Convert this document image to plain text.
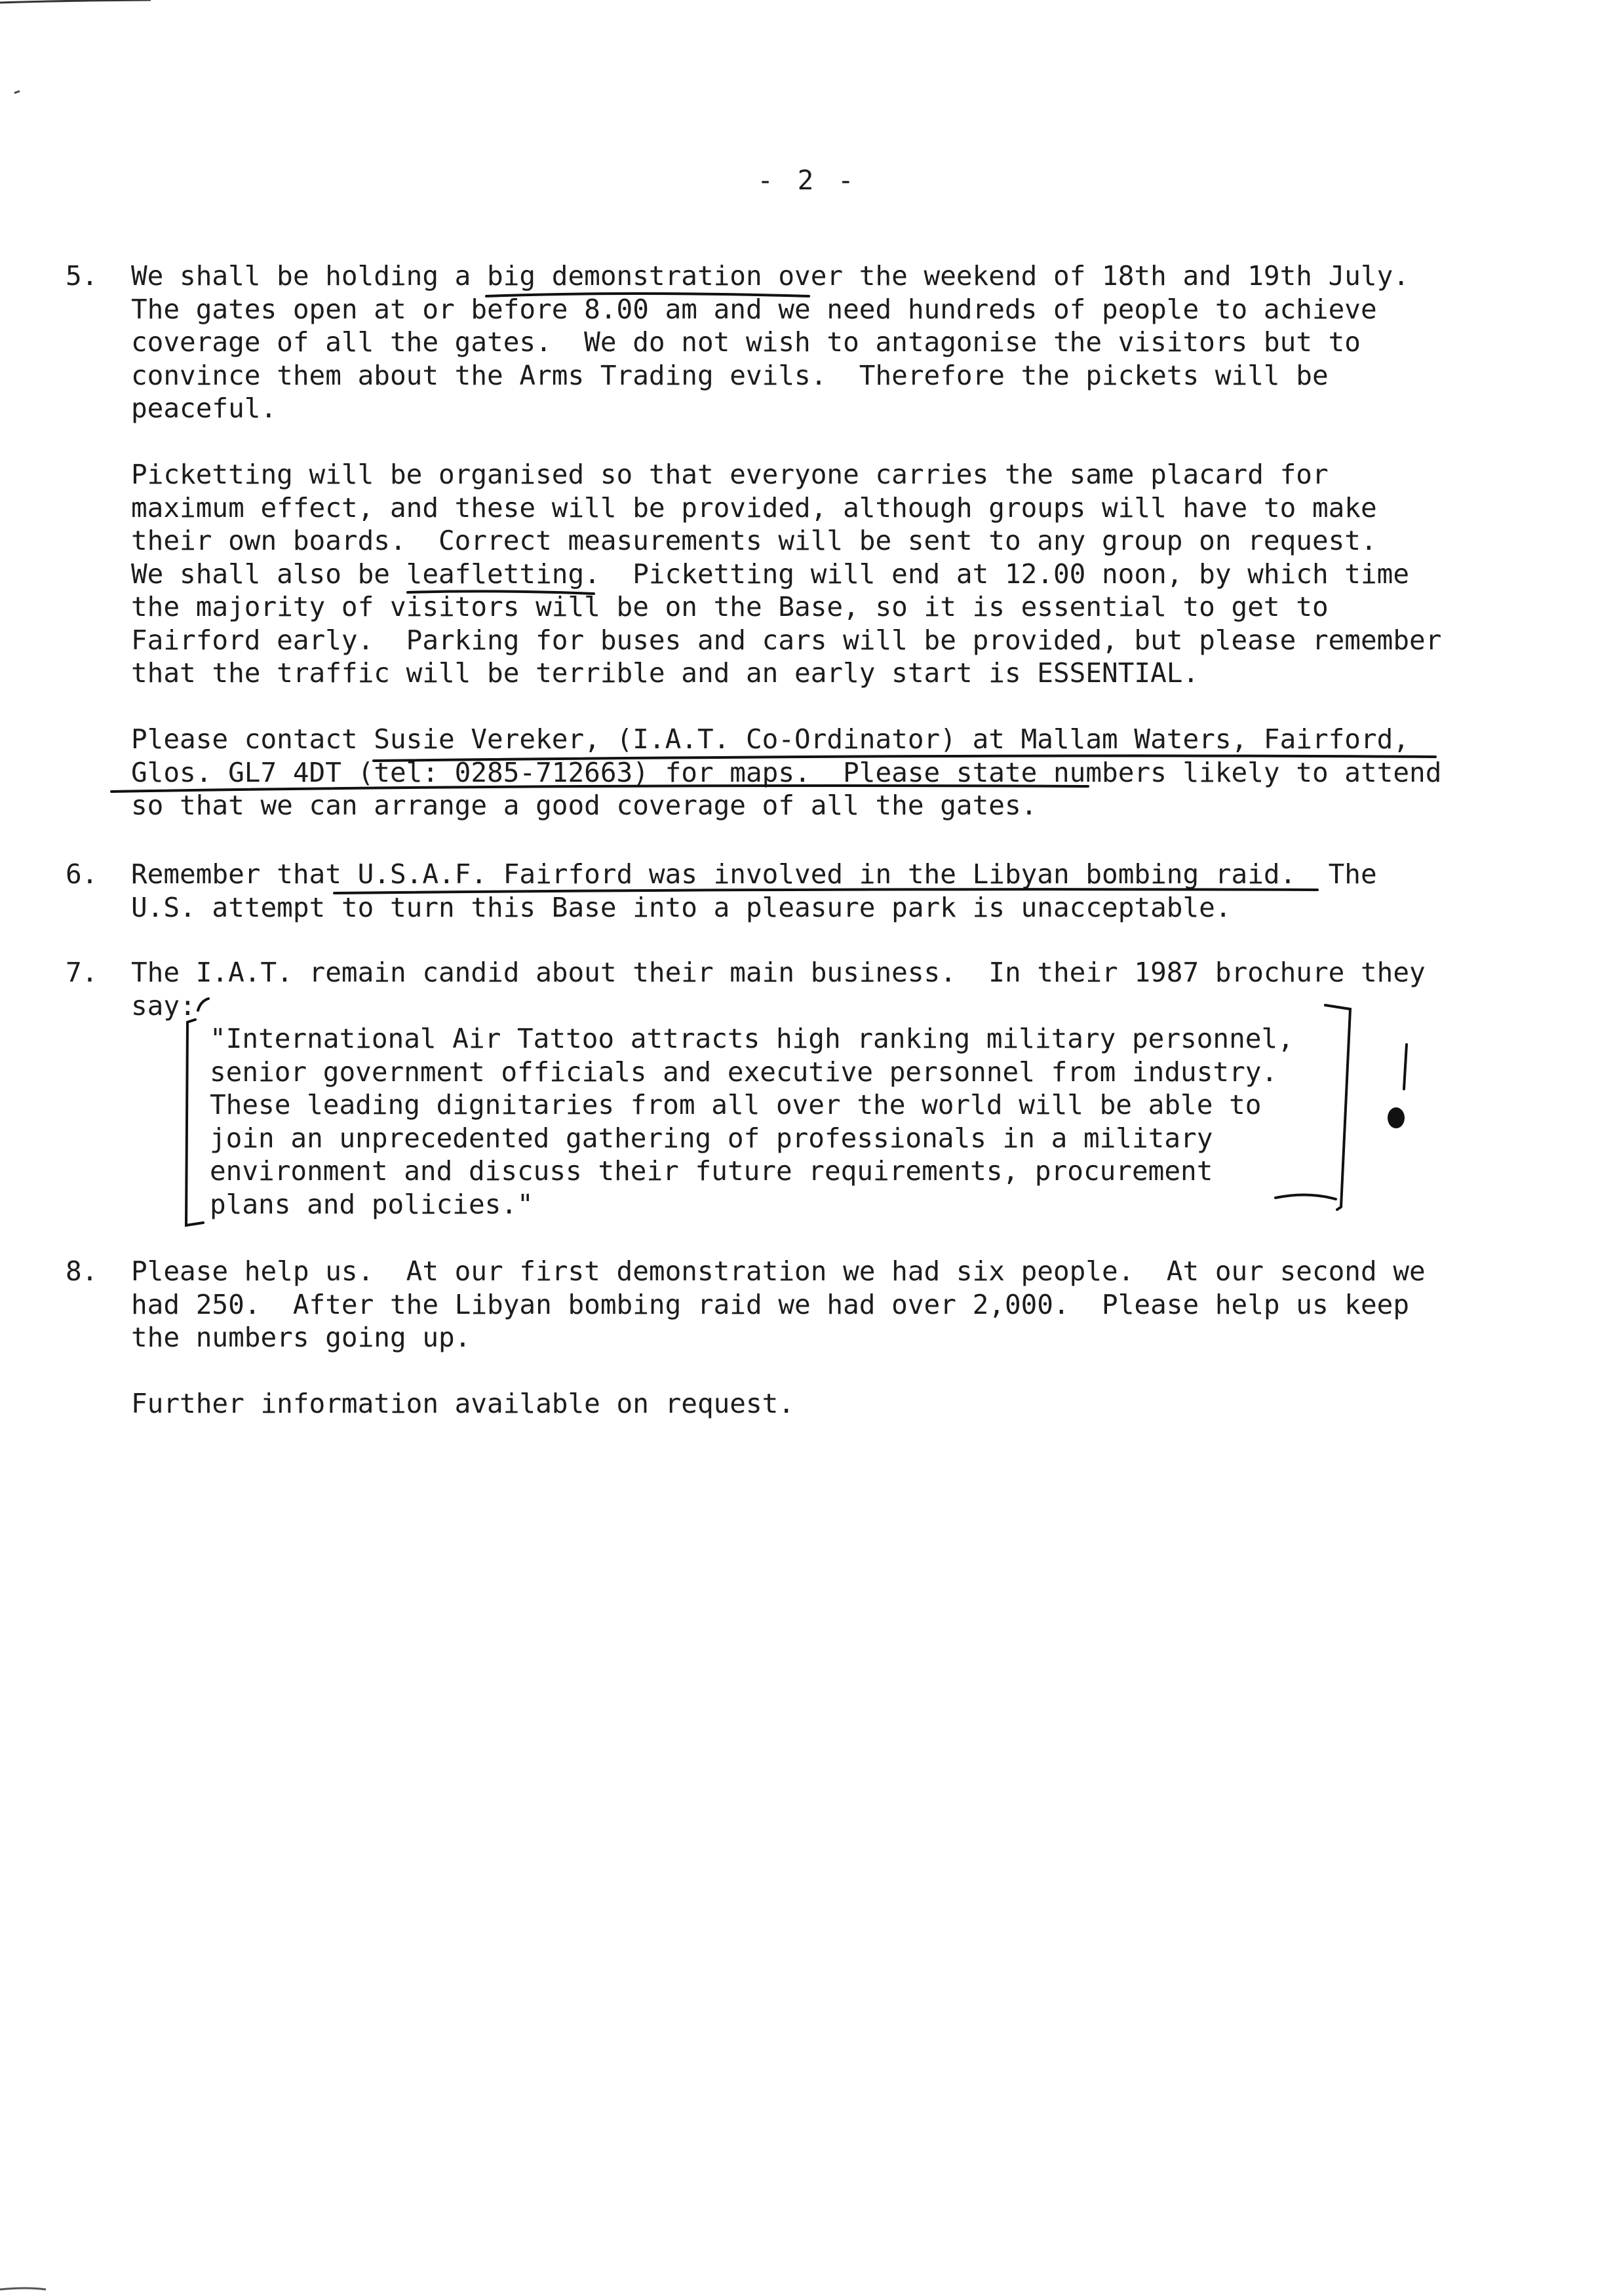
- 2 -
5. We shall be holding a big demonstration over the weekend of 18th and 19th July.
The gates open at or before 8.00 am and we need hundreds of people to achieve
coverage of all the gates.  We do not wish to antagonise the visitors but to
convince them about the Arms Trading evils.  Therefore the pickets will be
peaceful.
Picketting will be organised so that everyone carries the same placard for
maximum effect, and these will be provided, although groups will have to make
their own boards.  Correct measurements will be sent to any group on request.
We shall also be leafletting.  Picketting will end at 12.00 noon, by which time
the majority of visitors will be on the Base, so it is essential to get to
Fairford early.  Parking for buses and cars will be provided, but please remember
that the traffic will be terrible and an early start is ESSENTIAL.
Please contact Susie Vereker, (I.A.T. Co-Ordinator) at Mallam Waters, Fairford,
Glos. GL7 4DT (tel: 0285-712663) for maps.  Please state numbers likely to attend
so that we can arrange a good coverage of all the gates.
6. Remember that U.S.A.F. Fairford was involved in the Libyan bombing raid.  The
U.S. attempt to turn this Base into a pleasure park is unacceptable.
7. The I.A.T. remain candid about their main business.  In their 1987 brochure they
say:
"International Air Tattoo attracts high ranking military personnel,
senior government officials and executive personnel from industry.
These leading dignitaries from all over the world will be able to
join an unprecedented gathering of professionals in a military
environment and discuss their future requirements, procurement
plans and policies."
8. Please help us.  At our first demonstration we had six people.  At our second we
had 250.  After the Libyan bombing raid we had over 2,000.  Please help us keep
the numbers going up.
Further information available on request.
